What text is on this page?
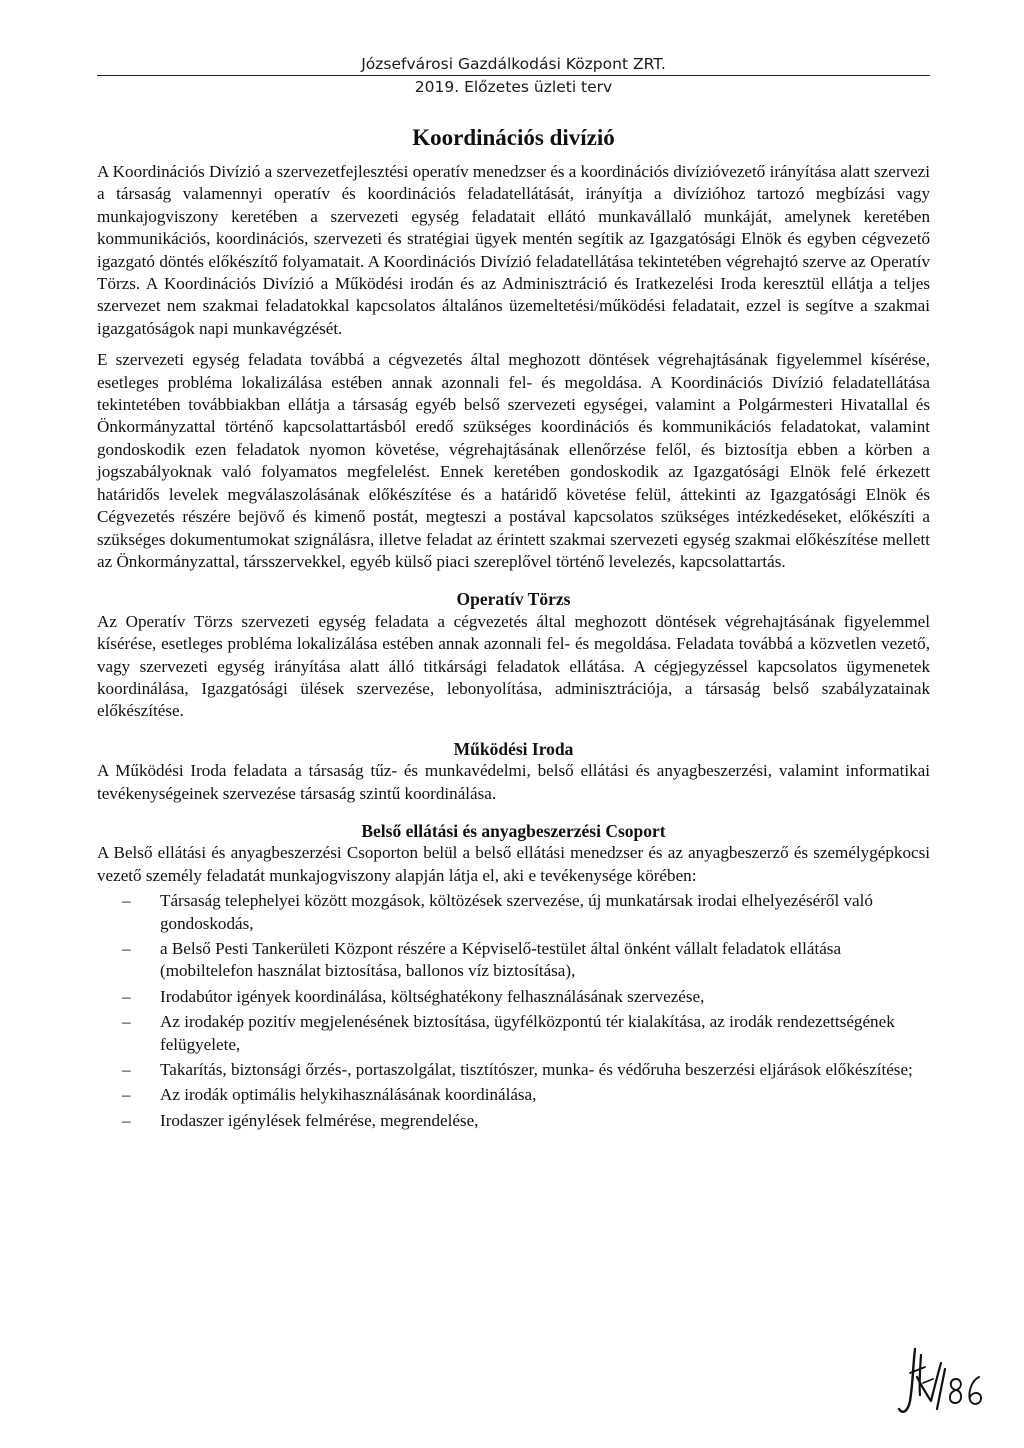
Józsefvárosi Gazdálkodási Központ ZRT.
2019. Előzetes üzleti terv
Koordinációs divízió

A Koordinációs Divízió a szervezetfejlesztési operatív menedzser és a koordinációs divízióvezető irányítása alatt szervezi a társaság valamennyi operatív és koordinációs feladatellátását, irányítja a divízióhoz tartozó megbízási vagy munkajogviszony keretében a szervezeti egység feladatait ellátó munkavállaló munkáját, amelynek keretében kommunikációs, koordinációs, szervezeti és stratégiai ügyek mentén segítik az Igazgatósági Elnök és egyben cégvezető igazgató döntés előkészítő folyamatait. A Koordinációs Divízió feladatellátása tekintetében végrehajtó szerve az Operatív Törzs. A Koordinációs Divízió a Működési irodán és az Adminisztráció és Iratkezelési Iroda keresztül ellátja a teljes szervezet nem szakmai feladatokkal kapcsolatos általános üzemeltetési/működési feladatait, ezzel is segítve a szakmai igazgatóságok napi munkavégzését.

E szervezeti egység feladata továbbá a cégvezetés által meghozott döntések végrehajtásának figyelemmel kísérése, esetleges probléma lokalizálása estében annak azonnali fel- és megoldása. A Koordinációs Divízió feladatellátása tekintetében továbbiakban ellátja a társaság egyéb belső szervezeti egységei, valamint a Polgármesteri Hivatallal és Önkormányzattal történő kapcsolattartásból eredő szükséges koordinációs és kommunikációs feladatokat, valamint gondoskodik ezen feladatok nyomon követése, végrehajtásának ellenőrzése felől, és biztosítja ebben a körben a jogszabályoknak való folyamatos megfelelést. Ennek keretében gondoskodik az Igazgatósági Elnök felé érkezett határidős levelek megválaszolásának előkészítése és a határidő követése felül, áttekinti az Igazgatósági Elnök és Cégvezetés részére bejövő és kimenő postát, megteszi a postával kapcsolatos szükséges intézkedéseket, előkészíti a szükséges dokumentumokat szignálásra, illetve feladat az érintett szakmai szervezeti egység szakmai előkészítése mellett az Önkormányzattal, társszervekkel, egyéb külső piaci szereplővel történő levelezés, kapcsolattartás.

Operatív Törzs

Az Operatív Törzs szervezeti egység feladata a cégvezetés által meghozott döntések végrehajtásának figyelemmel kísérése, esetleges probléma lokalizálása estében annak azonnali fel- és megoldása. Feladata továbbá a közvetlen vezető, vagy szervezeti egység irányítása alatt álló titkársági feladatok ellátása. A cégjegyzéssel kapcsolatos ügymenetek koordinálása, Igazgatósági ülések szervezése, lebonyolítása, adminisztrációja, a társaság belső szabályzatainak előkészítése.

Működési Iroda

A Működési Iroda feladata a társaság tűz- és munkavédelmi, belső ellátási és anyagbeszerzési, valamint informatikai tevékenységeinek szervezése társaság szintű koordinálása.

Belső ellátási és anyagbeszerzési Csoport

A Belső ellátási és anyagbeszerzési Csoporton belül a belső ellátási menedzser és az anyagbeszerző és személygépkocsi vezető személy feladatát munkajogviszony alapján látja el, aki e tevékenysége körében:

– Társaság telephelyei között mozgások, költözések szervezése, új munkatársak irodai elhelyezéséről való gondoskodás,
– a Belső Pesti Tankerületi Központ részére a Képviselő-testület által önként vállalt feladatok ellátása (mobiltelefon használat biztosítása, ballonos víz biztosítása),
– Irodabútor igények koordinálása, költséghatékony felhasználásának szervezése,
– Az irodakép pozitív megjelenésének biztosítása, ügyfélközpontú tér kialakítása, az irodák rendezettségének felügyelete,
– Takarítás, biztonsági őrzés-, portaszolgálat, tisztítószer, munka- és védőruha beszerzési eljárások előkészítése;
– Az irodák optimális helykihasználásának koordinálása,
– Irodaszer igénylések felmérése, megrendelése,
